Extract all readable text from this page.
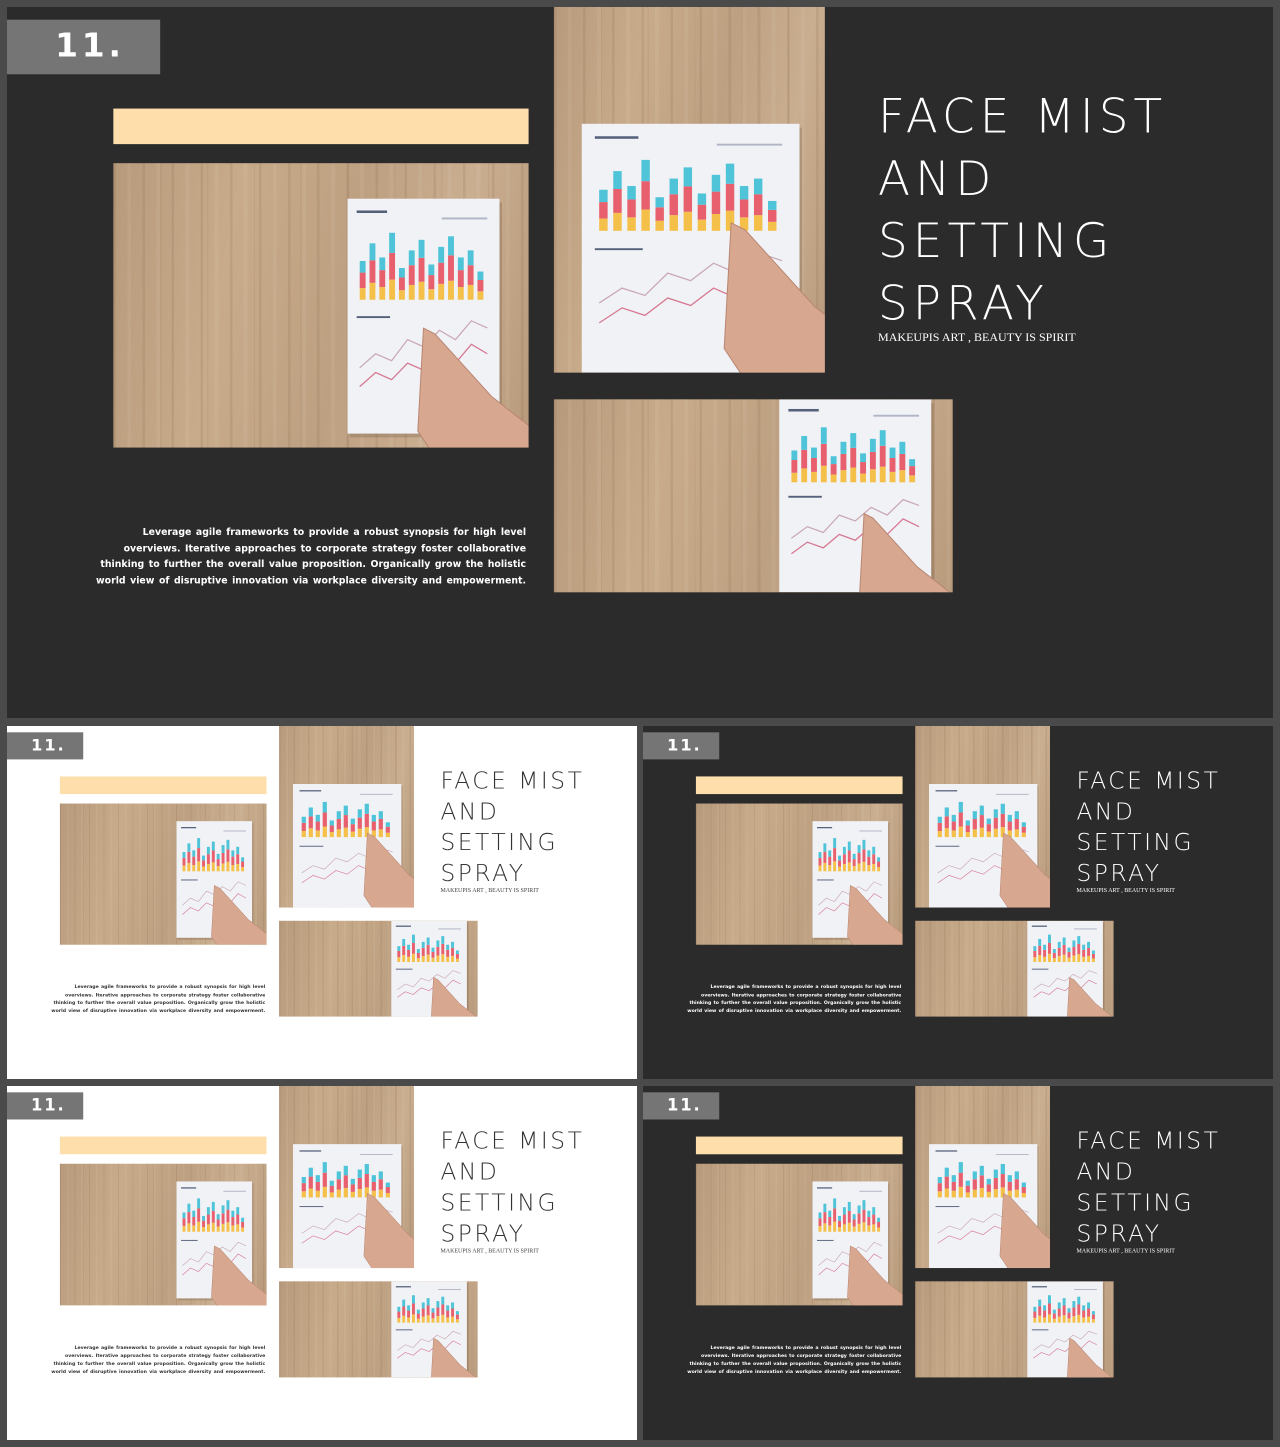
11.
FACE MIST
AND
SETTING
SPRAY
MAKEUPIS ART , BEAUTY IS SPIRIT
Leverage agile frameworks to provide a robust synopsis for high level overviews. Iterative approaches to corporate strategy foster collaborative thinking to further the overall value proposition. Organically grow the holistic world view of disruptive innovation via workplace diversity and empowerment.
11.
FACE MIST
AND
SETTING
SPRAY
MAKEUPIS ART , BEAUTY IS SPIRIT
Leverage agile frameworks to provide a robust synopsis for high level overviews. Iterative approaches to corporate strategy foster collaborative thinking to further the overall value proposition. Organically grow the holistic world view of disruptive innovation via workplace diversity and empowerment.
11.
FACE MIST
AND
SETTING
SPRAY
MAKEUPIS ART , BEAUTY IS SPIRIT
Leverage agile frameworks to provide a robust synopsis for high level overviews. Iterative approaches to corporate strategy foster collaborative thinking to further the overall value proposition. Organically grow the holistic world view of disruptive innovation via workplace diversity and empowerment.
11.
FACE MIST
AND
SETTING
SPRAY
MAKEUPIS ART , BEAUTY IS SPIRIT
Leverage agile frameworks to provide a robust synopsis for high level overviews. Iterative approaches to corporate strategy foster collaborative thinking to further the overall value proposition. Organically grow the holistic world view of disruptive innovation via workplace diversity and empowerment.
11.
FACE MIST
AND
SETTING
SPRAY
MAKEUPIS ART , BEAUTY IS SPIRIT
Leverage agile frameworks to provide a robust synopsis for high level overviews. Iterative approaches to corporate strategy foster collaborative thinking to further the overall value proposition. Organically grow the holistic world view of disruptive innovation via workplace diversity and empowerment.
